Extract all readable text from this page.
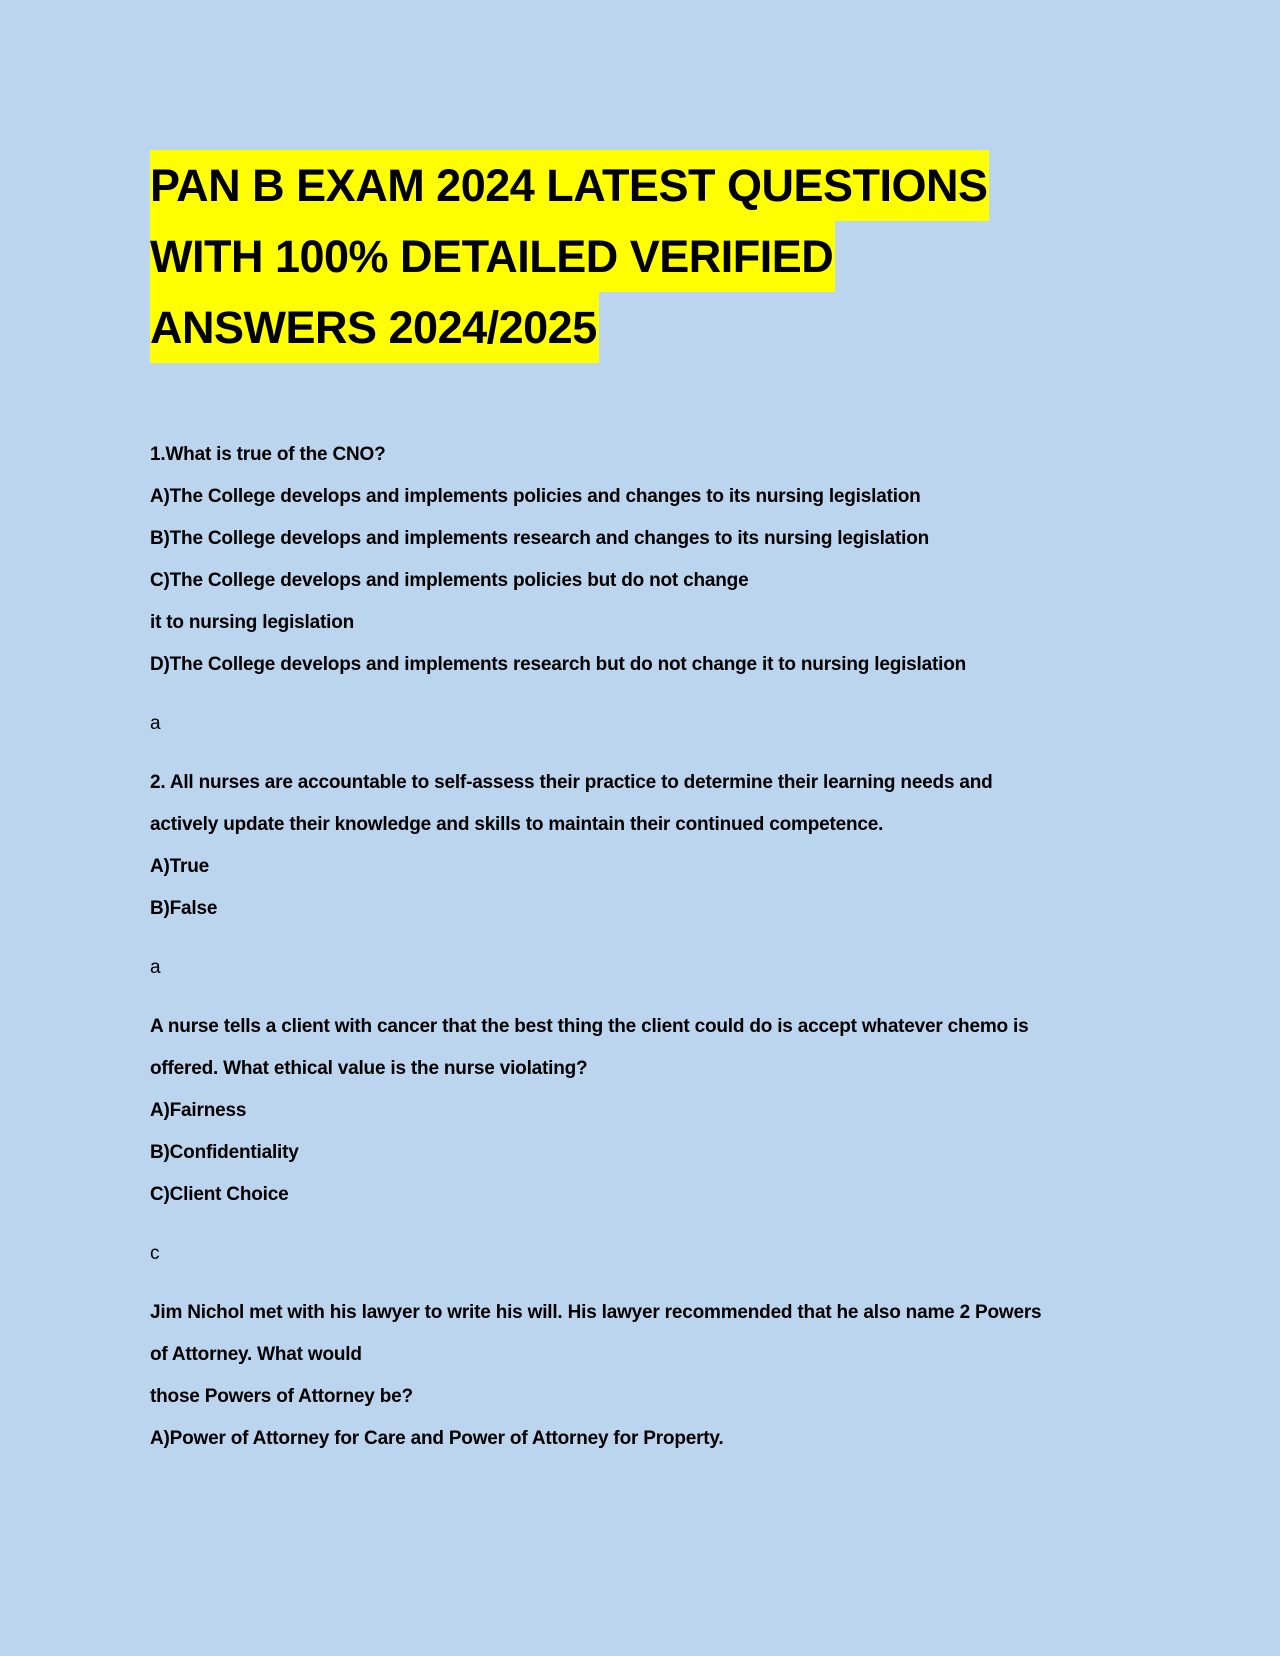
PAN B EXAM 2024 LATEST QUESTIONS
WITH 100% DETAILED VERIFIED
ANSWERS 2024/2025
1.What is true of the CNO?
A)The College develops and implements policies and changes to its nursing legislation
B)The College develops and implements research and changes to its nursing legislation
C)The College develops and implements policies but do not change
it to nursing legislation
D)The College develops and implements research but do not change it to nursing legislation
a
2. All nurses are accountable to self-assess their practice to determine their learning needs and
actively update their knowledge and skills to maintain their continued competence.
A)True
B)False
a
A nurse tells a client with cancer that the best thing the client could do is accept whatever chemo is
offered. What ethical value is the nurse violating?
A)Fairness
B)Confidentiality
C)Client Choice
c
Jim Nichol met with his lawyer to write his will. His lawyer recommended that he also name 2 Powers
of Attorney. What would
those Powers of Attorney be?
A)Power of Attorney for Care and Power of Attorney for Property.
